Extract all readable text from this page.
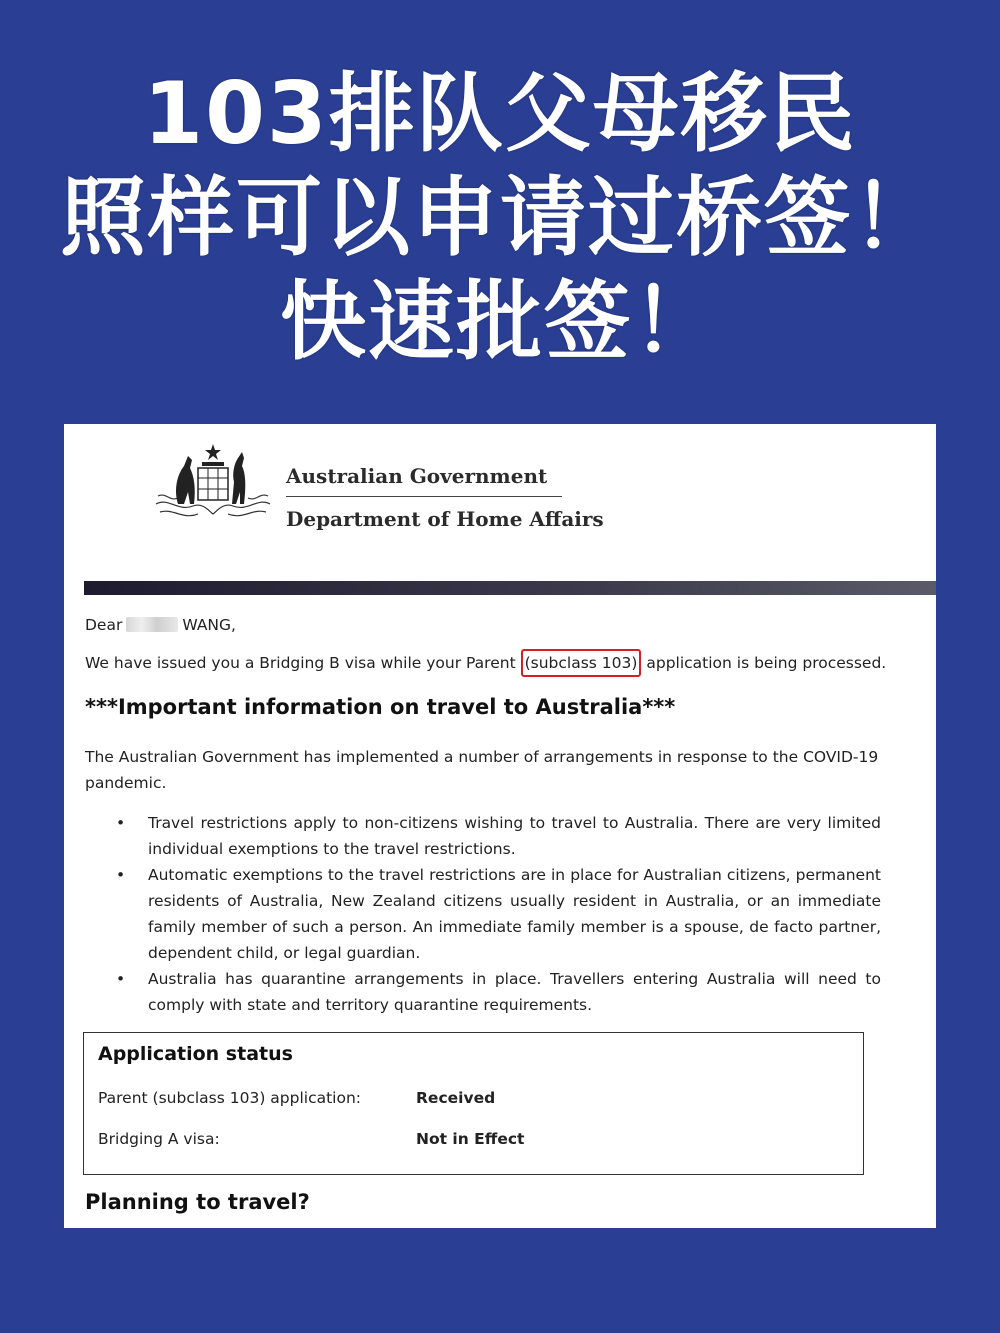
103排队父母移民
照样可以申请过桥签！
快速批签！
Australian Government
Department of Home Affairs
Dear	WANG,
We have issued you a Bridging B visa while your Parent (subclass 103) application is being processed.
***Important information on travel to Australia***
The Australian Government has implemented a number of arrangements in response to the COVID-19 pandemic.
• Travel restrictions apply to non-citizens wishing to travel to Australia. There are very limited individual exemptions to the travel restrictions.
• Automatic exemptions to the travel restrictions are in place for Australian citizens, permanent residents of Australia, New Zealand citizens usually resident in Australia, or an immediate family member of such a person. An immediate family member is a spouse, de facto partner, dependent child, or legal guardian.
• Australia has quarantine arrangements in place. Travellers entering Australia will need to comply with state and territory quarantine requirements.
Application status
Parent (subclass 103) application:	Received
Bridging A visa:	Not in Effect
Planning to travel?
